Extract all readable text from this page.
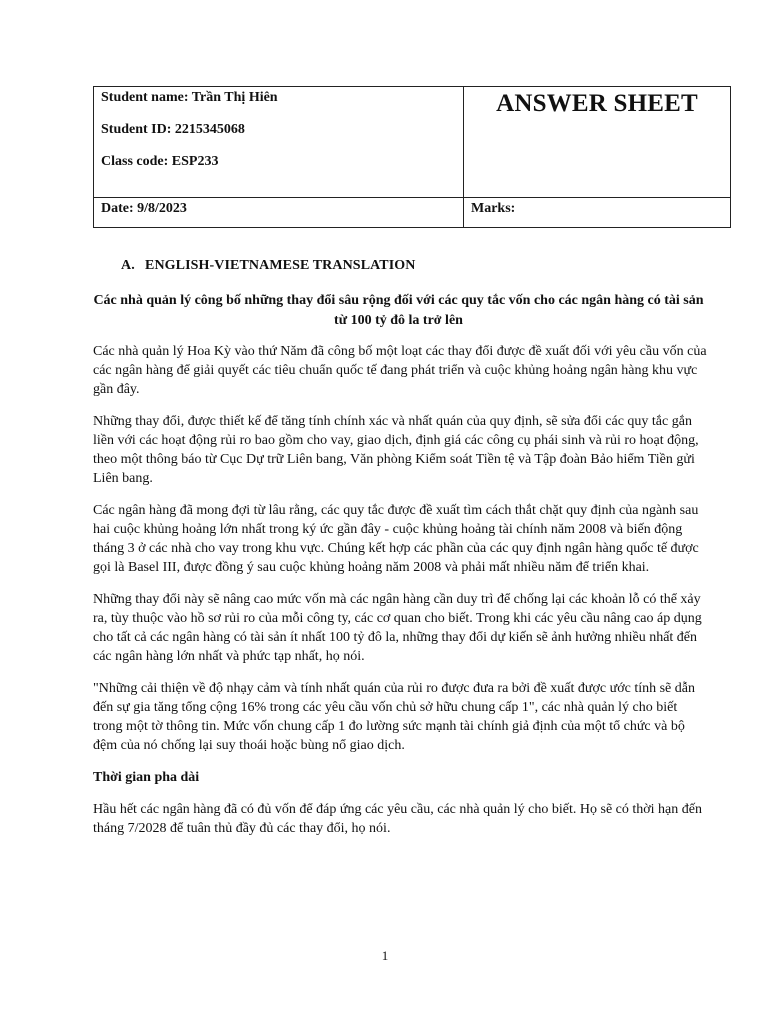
Student name: Trần Thị Hiên

Student ID: 2215345068

Class code: ESP233	ANSWER SHEET

Date: 9/8/2023	Marks:

A. ENGLISH-VIETNAMESE TRANSLATION

Các nhà quản lý công bố những thay đổi sâu rộng đối với các quy tắc vốn cho các ngân hàng có tài sản từ 100 tỷ đô la trở lên

Các nhà quản lý Hoa Kỳ vào thứ Năm đã công bố một loạt các thay đổi được đề xuất đối với yêu cầu vốn của các ngân hàng để giải quyết các tiêu chuẩn quốc tế đang phát triển và cuộc khủng hoảng ngân hàng khu vực gần đây.

Những thay đổi, được thiết kế để tăng tính chính xác và nhất quán của quy định, sẽ sửa đổi các quy tắc gắn liền với các hoạt động rủi ro bao gồm cho vay, giao dịch, định giá các công cụ phái sinh và rủi ro hoạt động, theo một thông báo từ Cục Dự trữ Liên bang, Văn phòng Kiểm soát Tiền tệ và Tập đoàn Bảo hiểm Tiền gửi Liên bang.

Các ngân hàng đã mong đợi từ lâu rằng, các quy tắc được đề xuất tìm cách thắt chặt quy định của ngành sau hai cuộc khủng hoảng lớn nhất trong ký ức gần đây - cuộc khủng hoảng tài chính năm 2008 và biến động tháng 3 ở các nhà cho vay trong khu vực. Chúng kết hợp các phần của các quy định ngân hàng quốc tế được gọi là Basel III, được đồng ý sau cuộc khủng hoảng năm 2008 và phải mất nhiều năm để triển khai.

Những thay đổi này sẽ nâng cao mức vốn mà các ngân hàng cần duy trì để chống lại các khoản lỗ có thể xảy ra, tùy thuộc vào hồ sơ rủi ro của mỗi công ty, các cơ quan cho biết. Trong khi các yêu cầu nâng cao áp dụng cho tất cả các ngân hàng có tài sản ít nhất 100 tỷ đô la, những thay đổi dự kiến sẽ ảnh hưởng nhiều nhất đến các ngân hàng lớn nhất và phức tạp nhất, họ nói.

"Những cải thiện về độ nhạy cảm và tính nhất quán của rủi ro được đưa ra bởi đề xuất được ước tính sẽ dẫn đến sự gia tăng tổng cộng 16% trong các yêu cầu vốn chủ sở hữu chung cấp 1", các nhà quản lý cho biết trong một tờ thông tin. Mức vốn chung cấp 1 đo lường sức mạnh tài chính giả định của một tổ chức và bộ đệm của nó chống lại suy thoái hoặc bùng nổ giao dịch.

Thời gian pha dài

Hầu hết các ngân hàng đã có đủ vốn để đáp ứng các yêu cầu, các nhà quản lý cho biết. Họ sẽ có thời hạn đến tháng 7/2028 để tuân thủ đầy đủ các thay đổi, họ nói.

1
